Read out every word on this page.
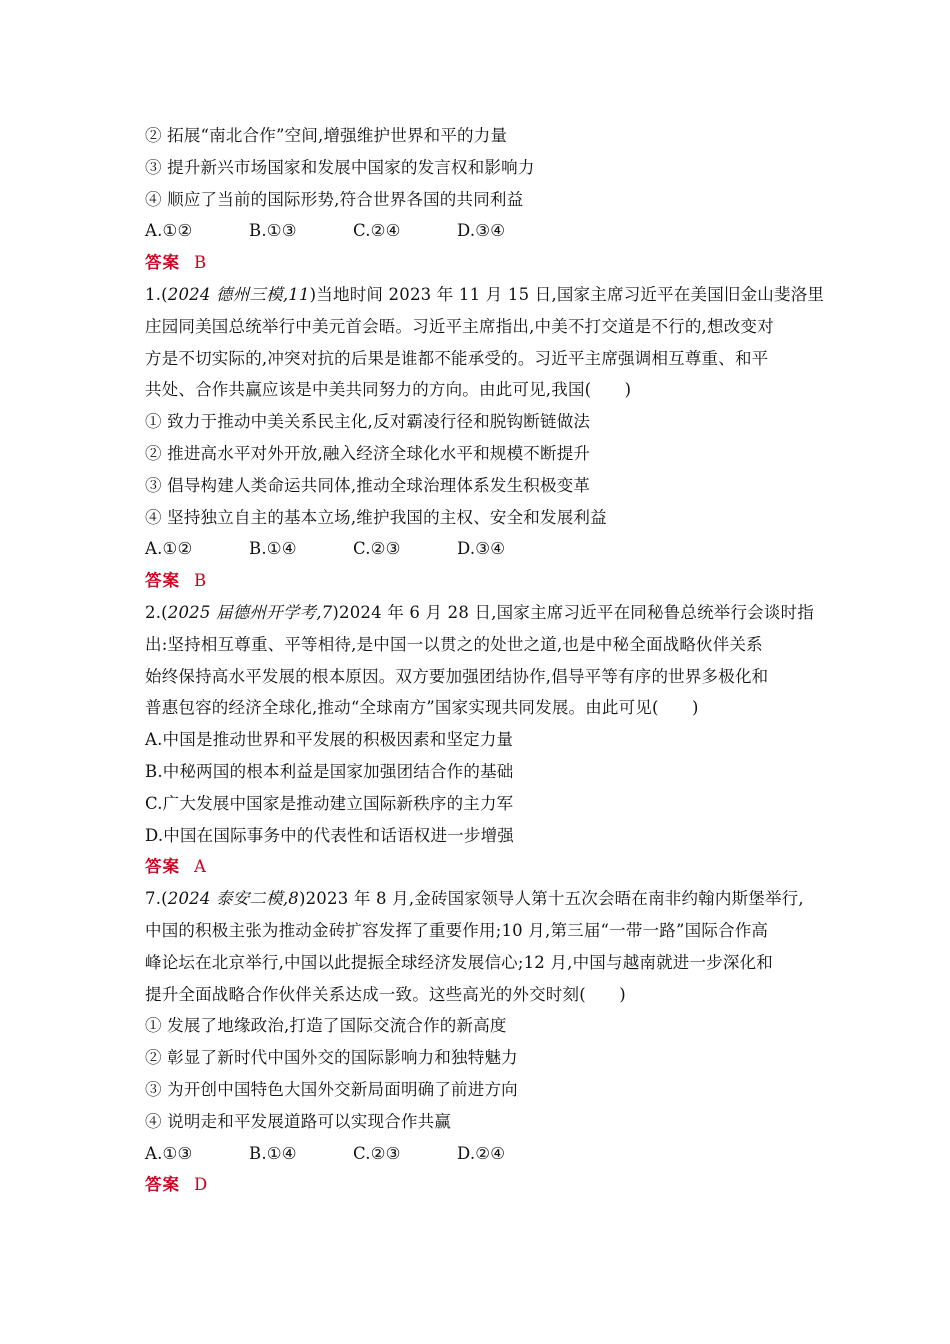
② 拓展“南北合作”空间,增强维护世界和平的力量
③ 提升新兴市场国家和发展中国家的发言权和影响力
④ 顺应了当前的国际形势,符合世界各国的共同利益
A.①②	B.①③	C.②④	D.③④
答案 B
1.(2024 德州三模,11)当地时间 2023 年 11 月 15 日,国家主席习近平在美国旧金山斐洛里
庄园同美国总统举行中美元首会晤。习近平主席指出,中美不打交道是不行的,想改变对
方是不切实际的,冲突对抗的后果是谁都不能承受的。习近平主席强调相互尊重、和平
共处、合作共赢应该是中美共同努力的方向。由此可见,我国(　　)
① 致力于推动中美关系民主化,反对霸凌行径和脱钩断链做法
② 推进高水平对外开放,融入经济全球化水平和规模不断提升
③ 倡导构建人类命运共同体,推动全球治理体系发生积极变革
④ 坚持独立自主的基本立场,维护我国的主权、安全和发展利益
A.①②	B.①④	C.②③	D.③④
答案 B
2.(2025 届德州开学考,7)2024 年 6 月 28 日,国家主席习近平在同秘鲁总统举行会谈时指
出:坚持相互尊重、平等相待,是中国一以贯之的处世之道,也是中秘全面战略伙伴关系
始终保持高水平发展的根本原因。双方要加强团结协作,倡导平等有序的世界多极化和
普惠包容的经济全球化,推动“全球南方”国家实现共同发展。由此可见(　　)
A.中国是推动世界和平发展的积极因素和坚定力量
B.中秘两国的根本利益是国家加强团结合作的基础
C.广大发展中国家是推动建立国际新秩序的主力军
D.中国在国际事务中的代表性和话语权进一步增强
答案 A
7.(2024 泰安二模,8)2023 年 8 月,金砖国家领导人第十五次会晤在南非约翰内斯堡举行,
中国的积极主张为推动金砖扩容发挥了重要作用;10 月,第三届“一带一路”国际合作高
峰论坛在北京举行,中国以此提振全球经济发展信心;12 月,中国与越南就进一步深化和
提升全面战略合作伙伴关系达成一致。这些高光的外交时刻(　　)
① 发展了地缘政治,打造了国际交流合作的新高度
② 彰显了新时代中国外交的国际影响力和独特魅力
③ 为开创中国特色大国外交新局面明确了前进方向
④ 说明走和平发展道路可以实现合作共赢
A.①③	B.①④	C.②③	D.②④
答案 D
